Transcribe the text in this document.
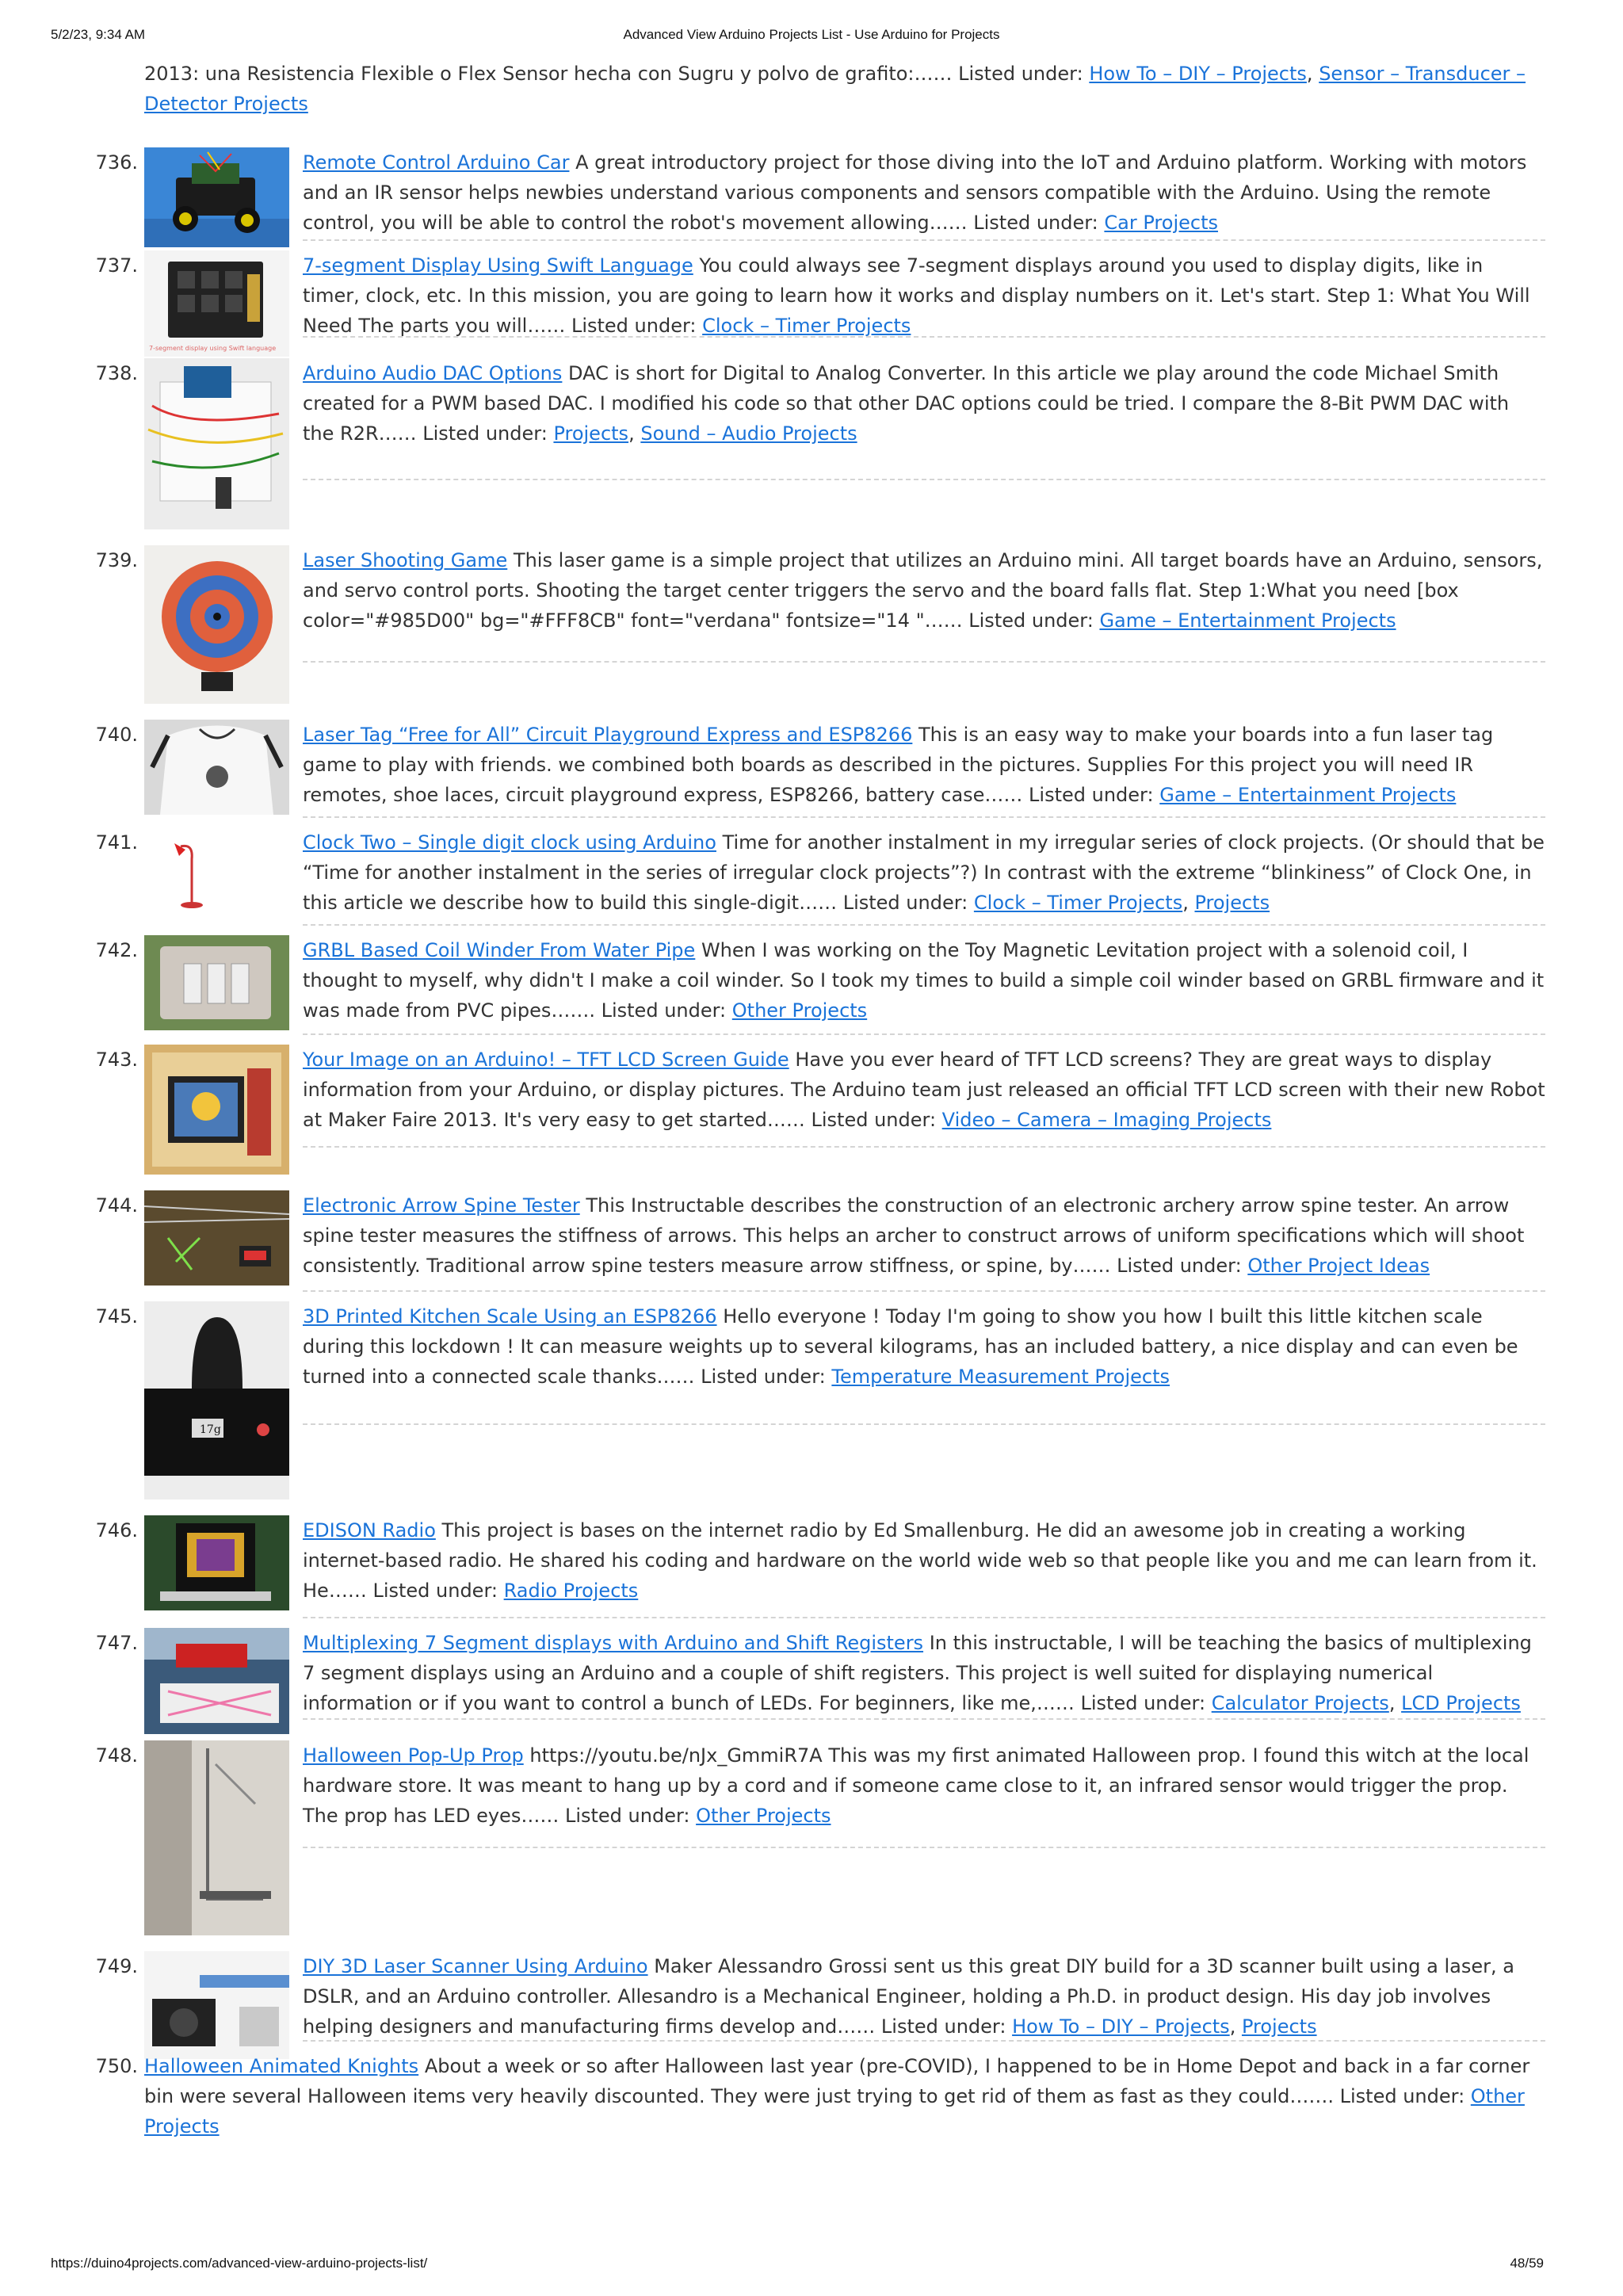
5/2/23, 9:34 AM	Advanced View Arduino Projects List - Use Arduino for Projects

2013: una Resistencia Flexible o Flex Sensor hecha con Sugru y polvo de grafito:…… Listed under: How To – DIY – Projects, Sensor – Transducer – Detector Projects

736.	Remote Control Arduino Car A great introductory project for those diving into the IoT and Arduino platform. Working with motors and an IR sensor helps newbies understand various components and sensors compatible with the Arduino. Using the remote control, you will be able to control the robot's movement allowing…… Listed under: Car Projects

737.
7-segment display using Swift language

7-segment Display Using Swift Language You could always see 7-segment displays around you used to display digits, like in timer, clock, etc. In this mission, you are going to learn how it works and display numbers on it. Let's start. Step 1: What You Will Need The parts you will…… Listed under: Clock – Timer Projects

738.	Arduino Audio DAC Options DAC is short for Digital to Analog Converter. In this article we play around the code Michael Smith created for a PWM based DAC. I modified his code so that other DAC options could be tried. I compare the 8-Bit PWM DAC with the R2R…… Listed under: Projects, Sound – Audio Projects

739.	Laser Shooting Game This laser game is a simple project that utilizes an Arduino mini. All target boards have an Arduino, sensors, and servo control ports. Shooting the target center triggers the servo and the board falls flat. Step 1:What you need [box color="#985D00" bg="#FFF8CB" font="verdana" fontsize="14 "…… Listed under: Game – Entertainment Projects

740.	Laser Tag “Free for All” Circuit Playground Express and ESP8266 This is an easy way to make your boards into a fun laser tag game to play with friends. we combined both boards as described in the pictures. Supplies For this project you will need IR remotes, shoe laces, circuit playground express, ESP8266, battery case…… Listed under: Game – Entertainment Projects

741.	Clock Two – Single digit clock using Arduino Time for another instalment in my irregular series of clock projects. (Or should that be “Time for another instalment in the series of irregular clock projects”?) In contrast with the extreme “blinkiness” of Clock One, in this article we describe how to build this single-digit…… Listed under: Clock – Timer Projects, Projects

742.	GRBL Based Coil Winder From Water Pipe When I was working on the Toy Magnetic Levitation project with a solenoid coil, I thought to myself, why didn't I make a coil winder. So I took my times to build a simple coil winder based on GRBL firmware and it was made from PVC pipes……. Listed under: Other Projects

743.	Your Image on an Arduino! – TFT LCD Screen Guide Have you ever heard of TFT LCD screens? They are great ways to display information from your Arduino, or display pictures. The Arduino team just released an official TFT LCD screen with their new Robot at Maker Faire 2013. It's very easy to get started…… Listed under: Video – Camera – Imaging Projects

744.	Electronic Arrow Spine Tester This Instructable describes the construction of an electronic archery arrow spine tester. An arrow spine tester measures the stiffness of arrows. This helps an archer to construct arrows of uniform specifications which will shoot consistently. Traditional arrow spine testers measure arrow stiffness, or spine, by…… Listed under: Other Project Ideas

745.
17g

3D Printed Kitchen Scale Using an ESP8266 Hello everyone ! Today I'm going to show you how I built this little kitchen scale during this lockdown ! It can measure weights up to several kilograms, has an included battery, a nice display and can even be turned into a connected scale thanks…… Listed under: Temperature Measurement Projects

746.	EDISON Radio This project is bases on the internet radio by Ed Smallenburg. He did an awesome job in creating a working internet-based radio. He shared his coding and hardware on the world wide web so that people like you and me can learn from it. He…… Listed under: Radio Projects

747.	Multiplexing 7 Segment displays with Arduino and Shift Registers In this instructable, I will be teaching the basics of multiplexing 7 segment displays using an Arduino and a couple of shift registers. This project is well suited for displaying numerical information or if you want to control a bunch of LEDs. For beginners, like me,…… Listed under: Calculator Projects, LCD Projects

748.	Halloween Pop-Up Prop https://youtu.be/nJx_GmmiR7A This was my first animated Halloween prop. I found this witch at the local hardware store. It was meant to hang up by a cord and if someone came close to it, an infrared sensor would trigger the prop. The prop has LED eyes…… Listed under: Other Projects

749.	DIY 3D Laser Scanner Using Arduino Maker Alessandro Grossi sent us this great DIY build for a 3D scanner built using a laser, a DSLR, and an Arduino controller. Allesandro is a Mechanical Engineer, holding a Ph.D. in product design. His day job involves helping designers and manufacturing firms develop and…… Listed under: How To – DIY – Projects, Projects

750. Halloween Animated Knights About a week or so after Halloween last year (pre-COVID), I happened to be in Home Depot and back in a far corner bin were several Halloween items very heavily discounted. They were just trying to get rid of them as fast as they could……. Listed under: Other Projects

https://duino4projects.com/advanced-view-arduino-projects-list/	48/59
